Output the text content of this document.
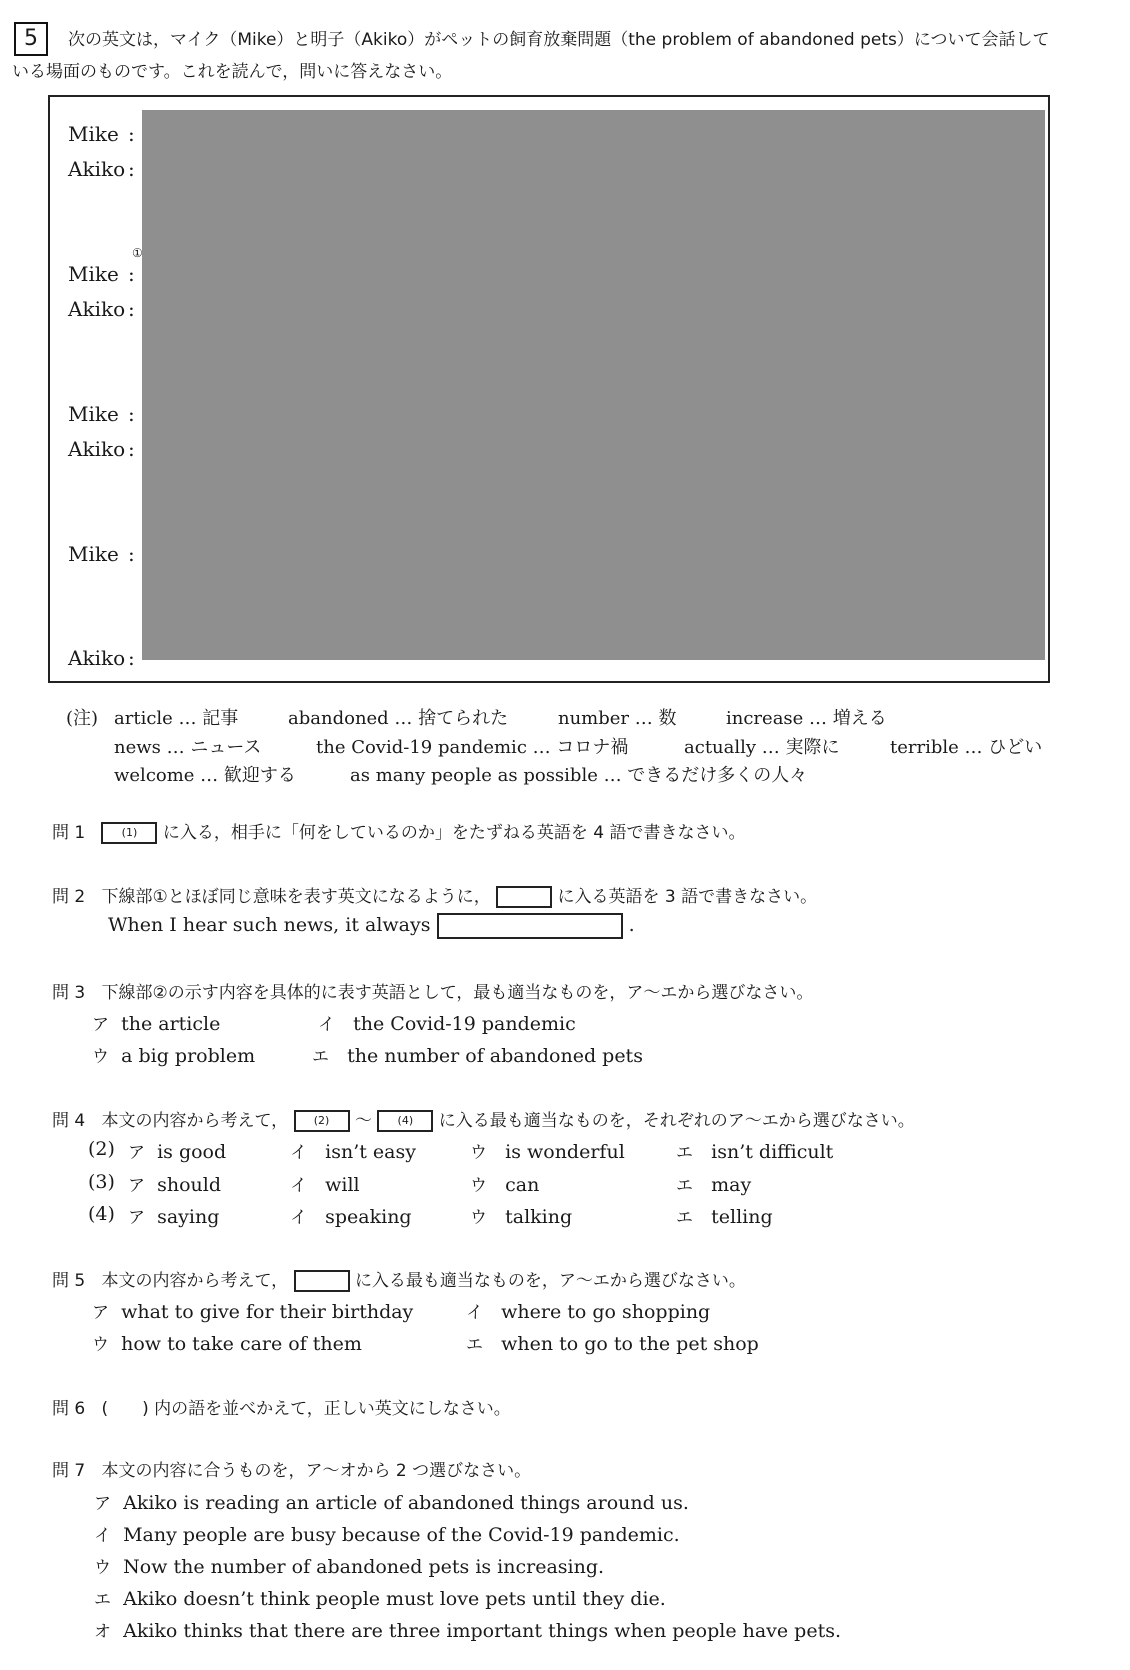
5 次の英文は，マイク（Mike）と明子（Akiko）がペットの飼育放棄問題（the problem of abandoned pets）について会話して
いる場面のものです。これを読んで，問いに答えなさい。
Mike :
Akiko :
①
Mike :
Akiko :
Mike :
Akiko :
Mike :
Akiko :
(注) article … 記事	abandoned … 捨てられた	number … 数	increase … 増える
news … ニュース	the Covid-19 pandemic … コロナ禍	actually … 実際に	terrible … ひどい
welcome … 歓迎する	as many people as possible … できるだけ多くの人々
問 1	(1) に入る，相手に「何をしているのか」をたずねる英語を 4 語で書きなさい。
問 2 下線部①とほぼ同じ意味を表す英文になるように，	に入る英語を 3 語で書きなさい。
When I hear such news, it always	.
問 3 下線部②の示す内容を具体的に表す英語として，最も適当なものを，ア～エから選びなさい。
ア the article	イ the Covid-19 pandemic
ウ a big problem	エ the number of abandoned pets
問 4 本文の内容から考えて， (2) ～ (4) に入る最も適当なものを，それぞれのア～エから選びなさい。
(2) ア is good	イ isn’t easy	ウ is wonderful	エ isn’t difficult
(3) ア should	イ will	ウ can	エ may
(4) ア saying	イ speaking	ウ talking	エ telling
問 5 本文の内容から考えて，	に入る最も適当なものを，ア～エから選びなさい。
ア what to give for their birthday	イ where to go shopping
ウ how to take care of them	エ when to go to the pet shop
問 6 (　　) 内の語を並べかえて，正しい英文にしなさい。
問 7 本文の内容に合うものを，ア～オから 2 つ選びなさい。
ア Akiko is reading an article of abandoned things around us.
イ Many people are busy because of the Covid-19 pandemic.
ウ Now the number of abandoned pets is increasing.
エ Akiko doesn’t think people must love pets until they die.
オ Akiko thinks that there are three important things when people have pets.
